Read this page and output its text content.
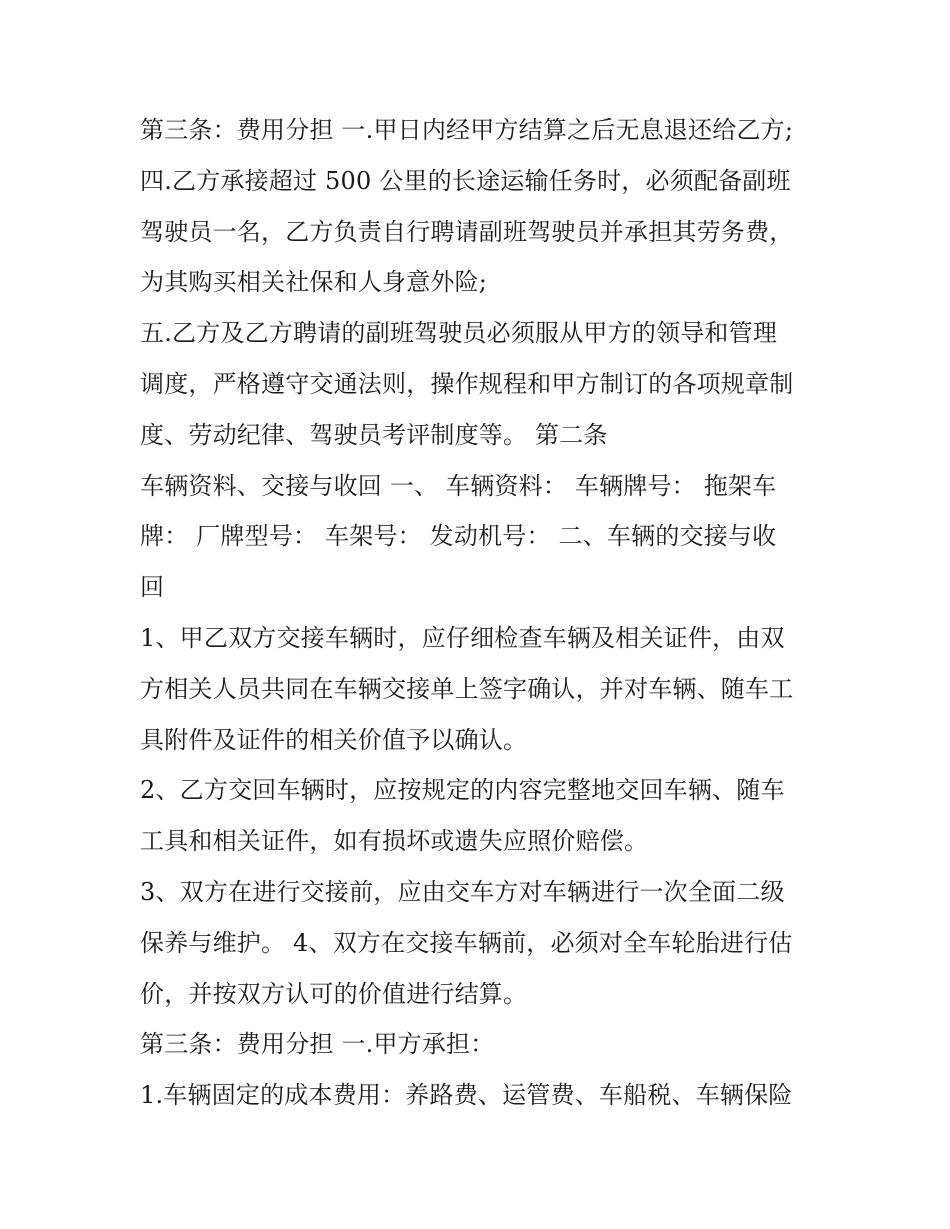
第三条：费用分担 一.甲日内经甲方结算之后无息退还给乙方;
四.乙方承接超过 500 公里的长途运输任务时，必须配备副班
驾驶员一名，乙方负责自行聘请副班驾驶员并承担其劳务费，
为其购买相关社保和人身意外险;
五.乙方及乙方聘请的副班驾驶员必须服从甲方的领导和管理
调度，严格遵守交通法则，操作规程和甲方制订的各项规章制
度、劳动纪律、驾驶员考评制度等。 第二条
车辆资料、交接与收回 一、 车辆资料： 车辆牌号： 拖架车
牌： 厂牌型号： 车架号： 发动机号： 二、车辆的交接与收
回
1、甲乙双方交接车辆时，应仔细检查车辆及相关证件，由双
方相关人员共同在车辆交接单上签字确认，并对车辆、随车工
具附件及证件的相关价值予以确认。
2、乙方交回车辆时，应按规定的内容完整地交回车辆、随车
工具和相关证件，如有损坏或遗失应照价赔偿。
3、双方在进行交接前，应由交车方对车辆进行一次全面二级
保养与维护。 4、双方在交接车辆前，必须对全车轮胎进行估
价，并按双方认可的价值进行结算。
第三条：费用分担 一.甲方承担：
1.车辆固定的成本费用：养路费、运管费、车船税、车辆保险
